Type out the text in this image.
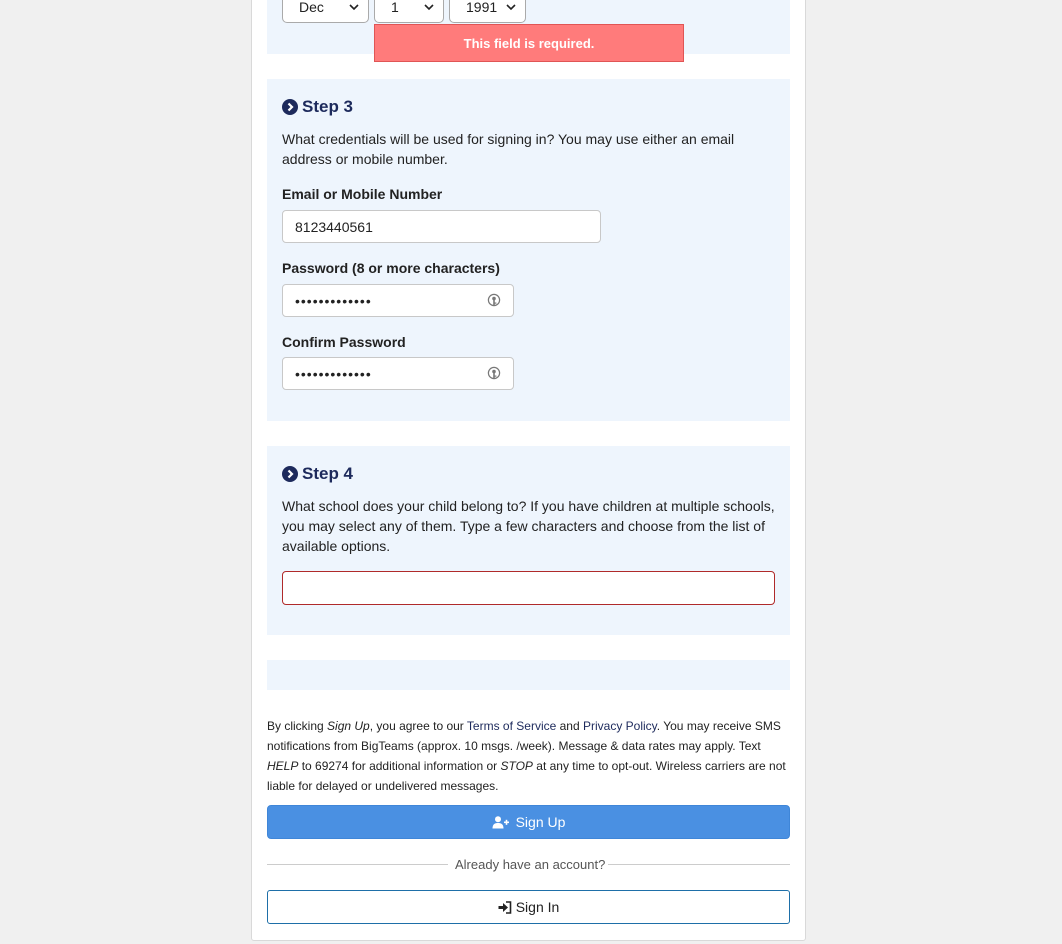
Dec	1	1991
This field is required.
Step 3
What credentials will be used for signing in? You may use either an email address or mobile number.
Email or Mobile Number
8123440561
Password (8 or more characters)
•••••••••••••
Confirm Password
•••••••••••••
Step 4
What school does your child belong to? If you have children at multiple schools, you may select any of them. Type a few characters and choose from the list of available options.
By clicking Sign Up, you agree to our Terms of Service and Privacy Policy. You may receive SMS notifications from BigTeams (approx. 10 msgs. /week). Message & data rates may apply. Text HELP to 69274 for additional information or STOP at any time to opt-out. Wireless carriers are not liable for delayed or undelivered messages.
Sign Up
Already have an account?
Sign In
